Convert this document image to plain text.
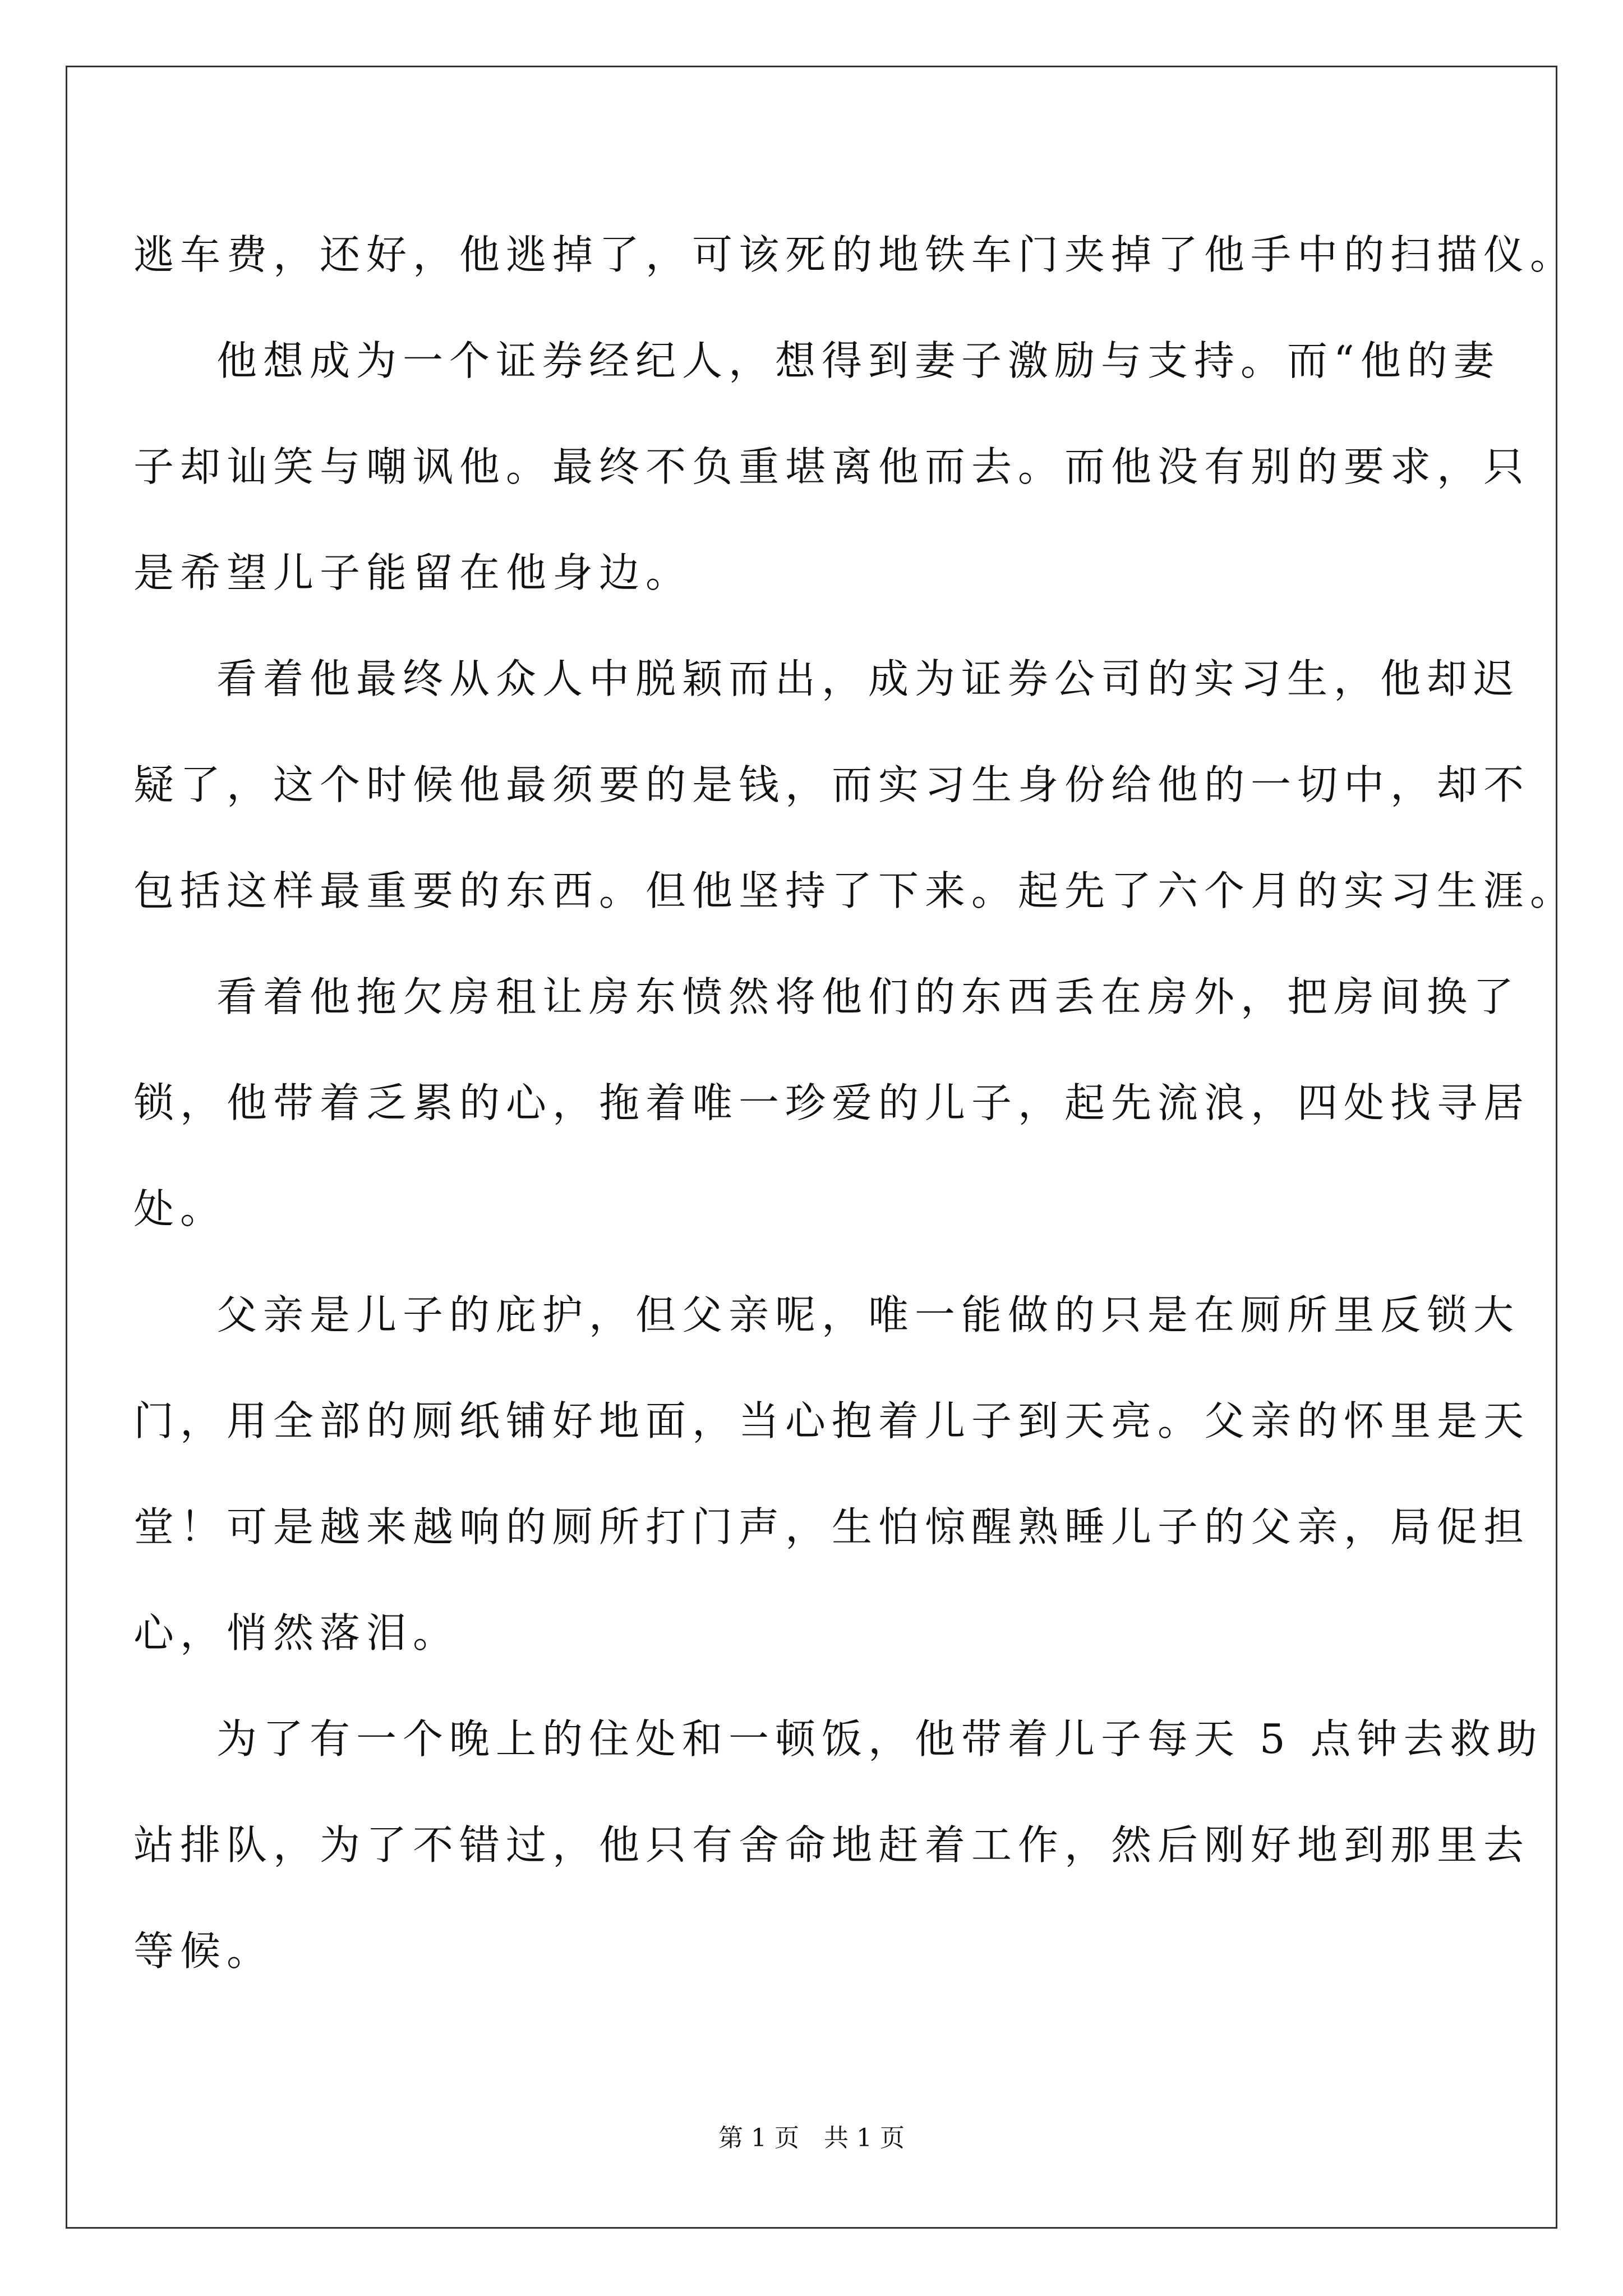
逃车费，还好，他逃掉了，可该死的地铁车门夹掉了他手中的扫描仪。
他想成为一个证券经纪人，想得到妻子激励与支持。而“他的妻
子却讪笑与嘲讽他。最终不负重堪离他而去。而他没有别的要求，只
是希望儿子能留在他身边。
看着他最终从众人中脱颖而出，成为证券公司的实习生，他却迟
疑了，这个时候他最须要的是钱，而实习生身份给他的一切中，却不
包括这样最重要的东西。但他坚持了下来。起先了六个月的实习生涯。
看着他拖欠房租让房东愤然将他们的东西丢在房外，把房间换了
锁，他带着乏累的心，拖着唯一珍爱的儿子，起先流浪，四处找寻居
处。
父亲是儿子的庇护，但父亲呢，唯一能做的只是在厕所里反锁大
门，用全部的厕纸铺好地面，当心抱着儿子到天亮。父亲的怀里是天
堂！可是越来越响的厕所打门声，生怕惊醒熟睡儿子的父亲，局促担
心，悄然落泪。
为了有一个晚上的住处和一顿饭，他带着儿子每天 5 点钟去救助
站排队，为了不错过，他只有舍命地赶着工作，然后刚好地到那里去
等候。
第 1 页　共 1 页
